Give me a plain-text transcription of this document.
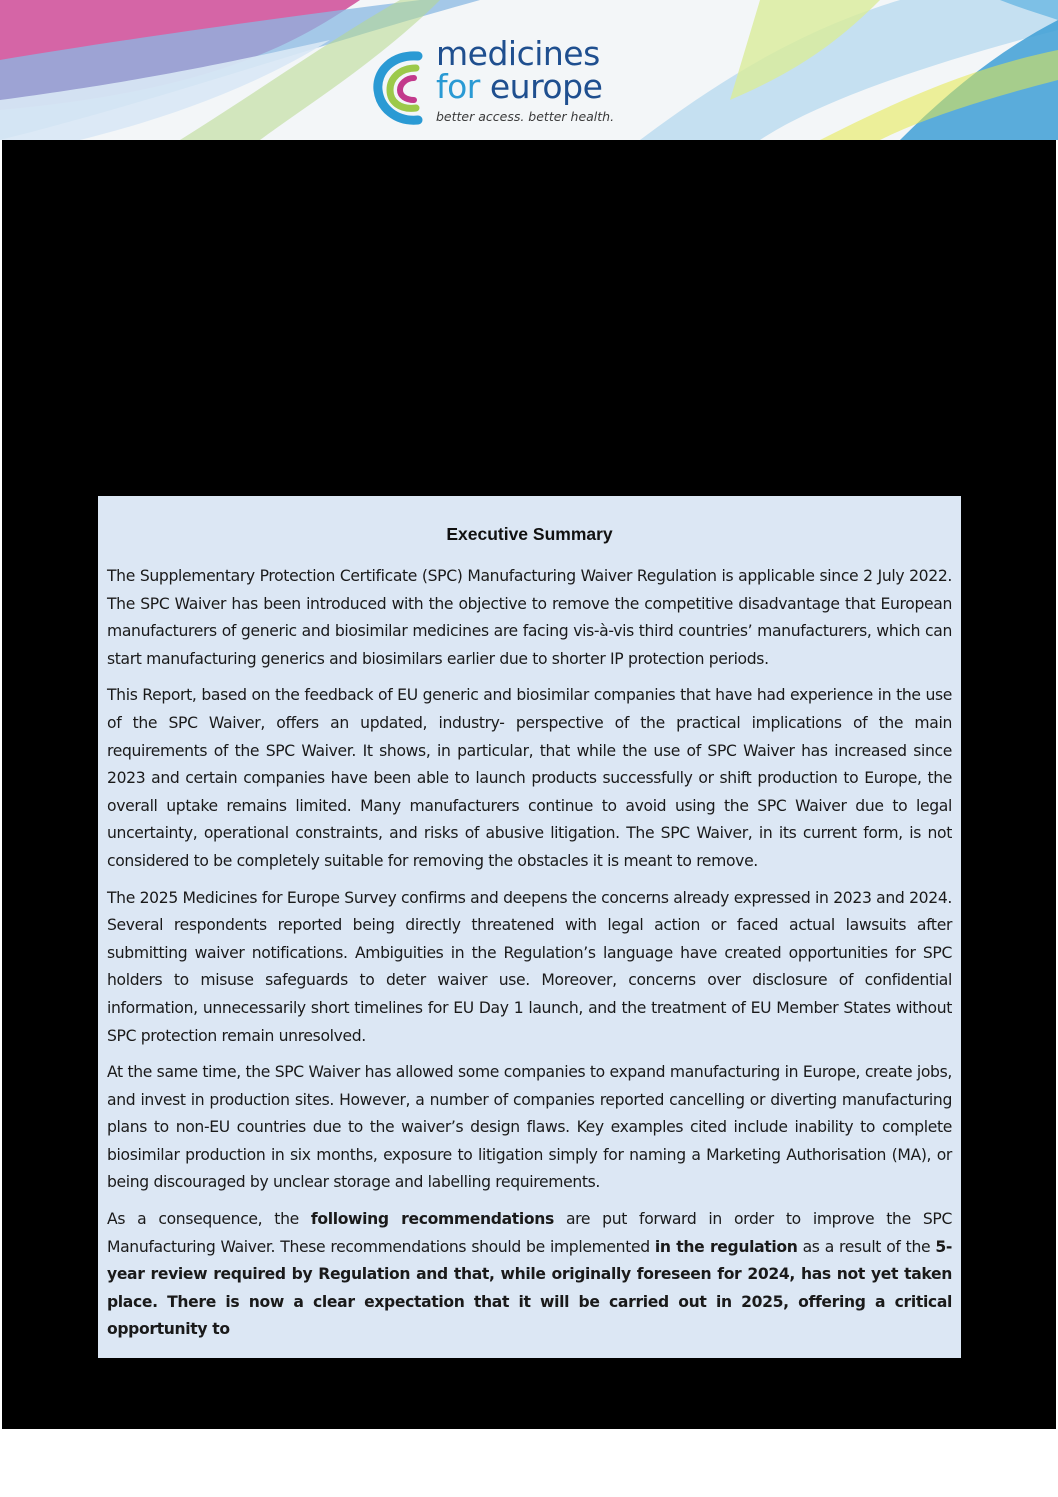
medicines
for europe
better access. better health.
Executive Summary

The Supplementary Protection Certificate (SPC) Manufacturing Waiver Regulation is applicable since 2 July 2022. The SPC Waiver has been introduced with the objective to remove the competitive disadvantage that European manufacturers of generic and biosimilar medicines are facing vis-à-vis third countries’ manufacturers, which can start manufacturing generics and biosimilars earlier due to shorter IP protection periods.

This Report, based on the feedback of EU generic and biosimilar companies that have had experience in the use of the SPC Waiver, offers an updated, industry- perspective of the practical implications of the main requirements of the SPC Waiver. It shows, in particular, that while the use of SPC Waiver has increased since 2023 and certain companies have been able to launch products successfully or shift production to Europe, the overall uptake remains limited. Many manufacturers continue to avoid using the SPC Waiver due to legal uncertainty, operational constraints, and risks of abusive litigation. The SPC Waiver, in its current form, is not considered to be completely suitable for removing the obstacles it is meant to remove.

The 2025 Medicines for Europe Survey confirms and deepens the concerns already expressed in 2023 and 2024. Several respondents reported being directly threatened with legal action or faced actual lawsuits after submitting waiver notifications. Ambiguities in the Regulation’s language have created opportunities for SPC holders to misuse safeguards to deter waiver use. Moreover, concerns over disclosure of confidential information, unnecessarily short timelines for EU Day 1 launch, and the treatment of EU Member States without SPC protection remain unresolved.

At the same time, the SPC Waiver has allowed some companies to expand manufacturing in Europe, create jobs, and invest in production sites. However, a number of companies reported cancelling or diverting manufacturing plans to non-EU countries due to the waiver’s design flaws. Key examples cited include inability to complete biosimilar production in six months, exposure to litigation simply for naming a Marketing Authorisation (MA), or being discouraged by unclear storage and labelling requirements.

As a consequence, the following recommendations are put forward in order to improve the SPC Manufacturing Waiver. These recommendations should be implemented in the regulation as a result of the 5-year review required by Regulation and that, while originally foreseen for 2024, has not yet taken place. There is now a clear expectation that it will be carried out in 2025, offering a critical opportunity to
